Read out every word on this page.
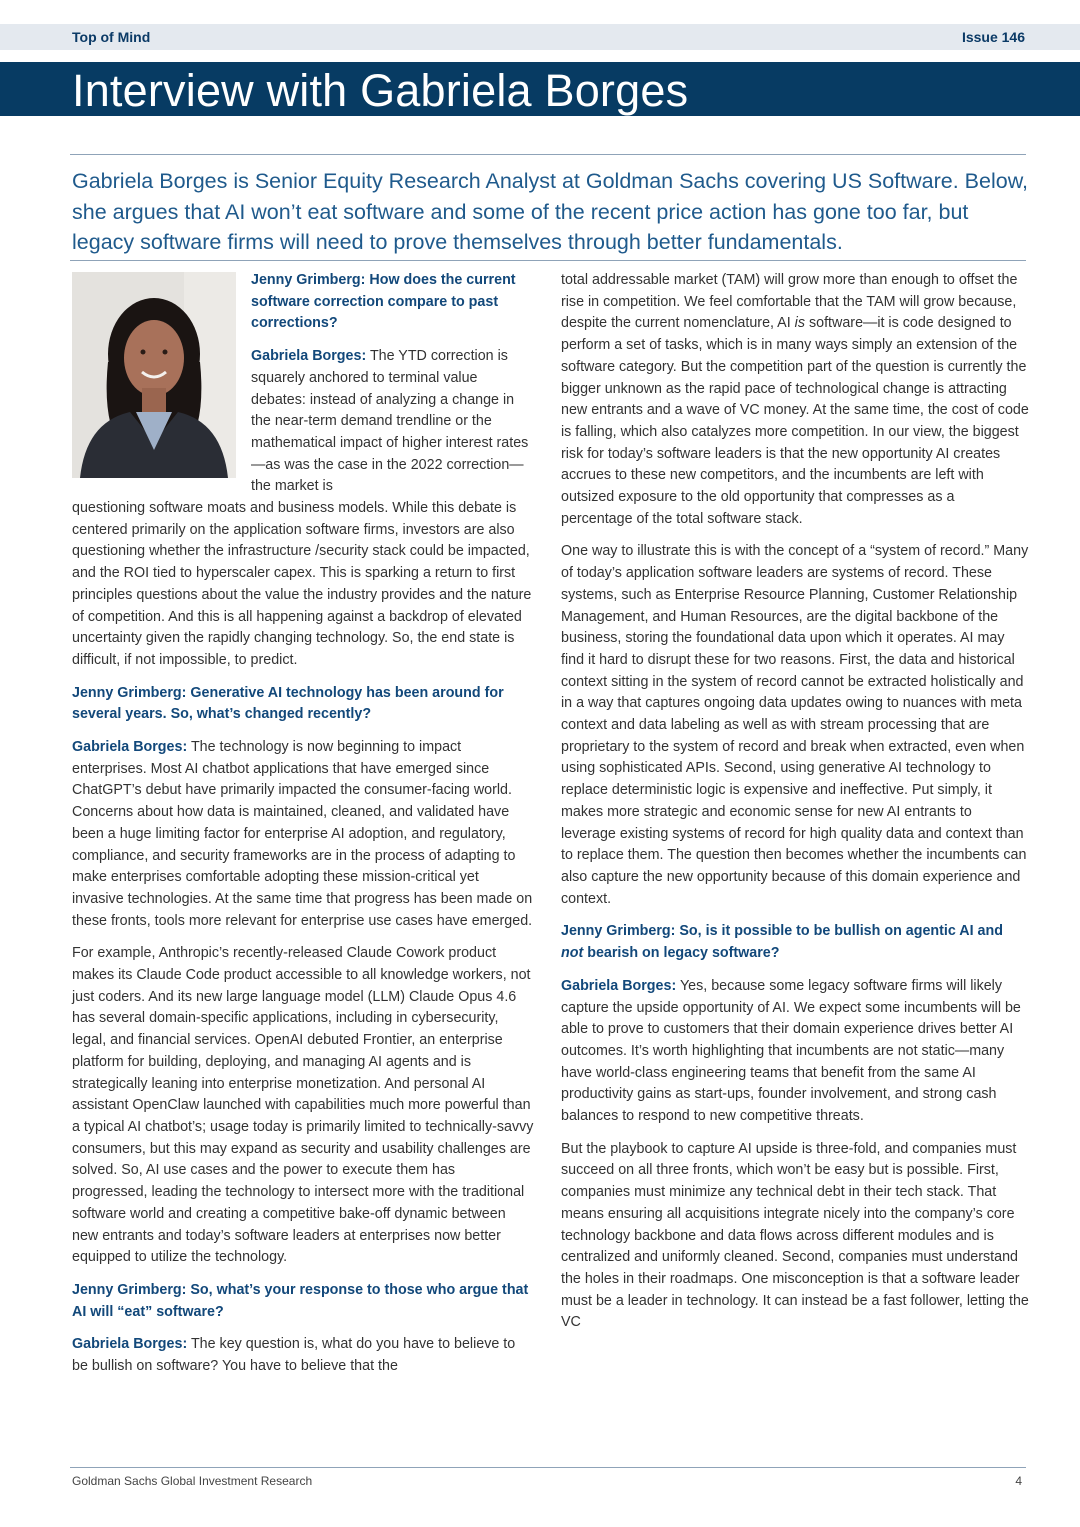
Top of Mind	Issue 146
Interview with Gabriela Borges
Gabriela Borges is Senior Equity Research Analyst at Goldman Sachs covering US Software. Below, she argues that AI won’t eat software and some of the recent price action has gone too far, but legacy software firms will need to prove themselves through better fundamentals.

Jenny Grimberg: How does the current software correction compare to past corrections?

Gabriela Borges: The YTD correction is squarely anchored to terminal value debates: instead of analyzing a change in the near-term demand trendline or the mathematical impact of higher interest rates—as was the case in the 2022 correction—the market is

questioning software moats and business models. While this debate is centered primarily on the application software firms, investors are also questioning whether the infrastructure /security stack could be impacted, and the ROI tied to hyperscaler capex. This is sparking a return to first principles questions about the value the industry provides and the nature of competition. And this is all happening against a backdrop of elevated uncertainty given the rapidly changing technology. So, the end state is difficult, if not impossible, to predict.

Jenny Grimberg: Generative AI technology has been around for several years. So, what’s changed recently?

Gabriela Borges: The technology is now beginning to impact enterprises. Most AI chatbot applications that have emerged since ChatGPT’s debut have primarily impacted the consumer-facing world. Concerns about how data is maintained, cleaned, and validated have been a huge limiting factor for enterprise AI adoption, and regulatory, compliance, and security frameworks are in the process of adapting to make enterprises comfortable adopting these mission-critical yet invasive technologies. At the same time that progress has been made on these fronts, tools more relevant for enterprise use cases have emerged.

For example, Anthropic’s recently-released Claude Cowork product makes its Claude Code product accessible to all knowledge workers, not just coders. And its new large language model (LLM) Claude Opus 4.6 has several domain-specific applications, including in cybersecurity, legal, and financial services. OpenAI debuted Frontier, an enterprise platform for building, deploying, and managing AI agents and is strategically leaning into enterprise monetization. And personal AI assistant OpenClaw launched with capabilities much more powerful than a typical AI chatbot’s; usage today is primarily limited to technically-savvy consumers, but this may expand as security and usability challenges are solved. So, AI use cases and the power to execute them has progressed, leading the technology to intersect more with the traditional software world and creating a competitive bake-off dynamic between new entrants and today’s software leaders at enterprises now better equipped to utilize the technology.

Jenny Grimberg: So, what’s your response to those who argue that AI will “eat” software?

Gabriela Borges: The key question is, what do you have to believe to be bullish on software? You have to believe that the

total addressable market (TAM) will grow more than enough to offset the rise in competition. We feel comfortable that the TAM will grow because, despite the current nomenclature, AI is software—it is code designed to perform a set of tasks, which is in many ways simply an extension of the software category. But the competition part of the question is currently the bigger unknown as the rapid pace of technological change is attracting new entrants and a wave of VC money. At the same time, the cost of code is falling, which also catalyzes more competition. In our view, the biggest risk for today’s software leaders is that the new opportunity AI creates accrues to these new competitors, and the incumbents are left with outsized exposure to the old opportunity that compresses as a percentage of the total software stack.

One way to illustrate this is with the concept of a “system of record.” Many of today’s application software leaders are systems of record. These systems, such as Enterprise Resource Planning, Customer Relationship Management, and Human Resources, are the digital backbone of the business, storing the foundational data upon which it operates. AI may find it hard to disrupt these for two reasons. First, the data and historical context sitting in the system of record cannot be extracted holistically and in a way that captures ongoing data updates owing to nuances with meta context and data labeling as well as with stream processing that are proprietary to the system of record and break when extracted, even when using sophisticated APIs. Second, using generative AI technology to replace deterministic logic is expensive and ineffective. Put simply, it makes more strategic and economic sense for new AI entrants to leverage existing systems of record for high quality data and context than to replace them. The question then becomes whether the incumbents can also capture the new opportunity because of this domain experience and context.

Jenny Grimberg: So, is it possible to be bullish on agentic AI and not bearish on legacy software?

Gabriela Borges: Yes, because some legacy software firms will likely capture the upside opportunity of AI. We expect some incumbents will be able to prove to customers that their domain experience drives better AI outcomes. It’s worth highlighting that incumbents are not static—many have world-class engineering teams that benefit from the same AI productivity gains as start-ups, founder involvement, and strong cash balances to respond to new competitive threats.

But the playbook to capture AI upside is three-fold, and companies must succeed on all three fronts, which won’t be easy but is possible. First, companies must minimize any technical debt in their tech stack. That means ensuring all acquisitions integrate nicely into the company’s core technology backbone and data flows across different modules and is centralized and uniformly cleaned. Second, companies must understand the holes in their roadmaps. One misconception is that a software leader must be a leader in technology. It can instead be a fast follower, letting the VC

Goldman Sachs Global Investment Research	4
